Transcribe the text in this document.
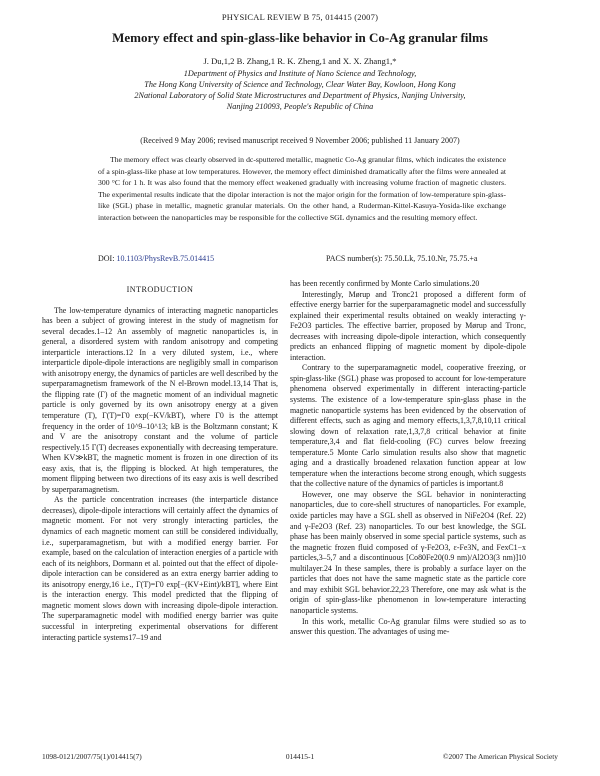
PHYSICAL REVIEW B 75, 014415 (2007)
Memory effect and spin-glass-like behavior in Co-Ag granular films
J. Du,1,2 B. Zhang,1 R. K. Zheng,1 and X. X. Zhang1,*
1Department of Physics and Institute of Nano Science and Technology,
The Hong Kong University of Science and Technology, Clear Water Bay, Kowloon, Hong Kong
2National Laboratory of Solid State Microstructures and Department of Physics, Nanjing University,
Nanjing 210093, People's Republic of China
(Received 9 May 2006; revised manuscript received 9 November 2006; published 11 January 2007)
The memory effect was clearly observed in dc-sputtered metallic, magnetic Co-Ag granular films, which indicates the existence of a spin-glass-like phase at low temperatures. However, the memory effect diminished dramatically after the films were annealed at 300 °C for 1 h. It was also found that the memory effect weakened gradually with increasing volume fraction of magnetic clusters. The experimental results indicate that the dipolar interaction is not the major origin for the formation of low-temperature spin-glass-like (SGL) phase in metallic, magnetic granular materials. On the other hand, a Ruderman-Kittel-Kasuya-Yosida-like exchange interaction between the nanoparticles may be responsible for the collective SGL dynamics and the resulting memory effect.
DOI: 10.1103/PhysRevB.75.014415	PACS number(s): 75.50.Lk, 75.10.Nr, 75.75.+a
INTRODUCTION

The low-temperature dynamics of interacting magnetic nanoparticles has been a subject of growing interest in the study of magnetism for several decades.1–12 An assembly of magnetic nanoparticles is, in general, a disordered system with random anisotropy and competing interparticle interactions.12 In a very diluted system, i.e., where interparticle dipole-dipole interactions are negligibly small in comparison with anisotropy energy, the dynamics of particles are well described by the superparamagnetism framework of the N el-Brown model.13,14 That is, the flipping rate (Γ) of the magnetic moment of an individual magnetic particle is only governed by its own anisotropy energy at a given temperature (T), Γ(T)=Γ0 exp(−KV/kBT), where Γ0 is the attempt frequency in the order of 10^9–10^13; kB is the Boltzmann constant; K and V are the anisotropy constant and the volume of particle respectively.15 Γ(T) decreases exponentially with decreasing temperature. When KV≫kBT, the magnetic moment is frozen in one direction of its easy axis, that is, the flipping is blocked. At high temperatures, the moment flipping between two directions of its easy axis is well described by superparamagnetism.

As the particle concentration increases (the interparticle distance decreases), dipole-dipole interactions will certainly affect the dynamics of magnetic moment. For not very strongly interacting particles, the dynamics of each magnetic moment can still be considered individually, i.e., superparamagnetism, but with a modified energy barrier. For example, based on the calculation of interaction energies of a particle with each of its neighbors, Dormann et al. pointed out that the effect of dipole-dipole interaction can be considered as an extra energy barrier adding to its anisotropy energy,16 i.e., Γ(T)=Γ0 exp[−(KV+Eint)/kBT], where Eint is the interaction energy. This model predicted that the flipping of magnetic moment slows down with increasing dipole-dipole interaction. The superparamagnetic model with modified energy barrier was quite successful in interpreting experimental observations for different interacting particle systems17–19 and

has been recently confirmed by Monte Carlo simulations.20

Interestingly, Mørup and Tronc21 proposed a different form of effective energy barrier for the superparamagnetic model and successfully explained their experimental results obtained on weakly interacting γ-Fe2O3 particles. The effective barrier, proposed by Mørup and Tronc, decreases with increasing dipole-dipole interaction, which consequently predicts an enhanced flipping of magnetic moment by dipole-dipole interaction.

Contrary to the superparamagnetic model, cooperative freezing, or spin-glass-like (SGL) phase was proposed to account for low-temperature phenomena observed experimentally in different interacting-particle systems. The existence of a low-temperature spin-glass phase in the magnetic nanoparticle systems has been evidenced by the observation of different effects, such as aging and memory effects,1,3,7,8,10,11 critical slowing down of relaxation rate,1,3,7,8 critical behavior at finite temperature,3,4 and flat field-cooling (FC) curves below freezing temperature.5 Monte Carlo simulation results also show that magnetic aging and a drastically broadened relaxation function appear at low temperature when the interactions become strong enough, which suggests that the collective nature of the dynamics of particles is important.8

However, one may observe the SGL behavior in noninteracting nanoparticles, due to core-shell structures of nanoparticles. For example, oxide particles may have a SGL shell as observed in NiFe2O4 (Ref. 22) and γ-Fe2O3 (Ref. 23) nanoparticles. To our best knowledge, the SGL phase has been mainly observed in some special particle systems, such as the magnetic frozen fluid composed of γ-Fe2O3, ε-Fe3N, and FexC1−x particles,3–5,7 and a discontinuous [Co80Fe20(0.9 nm)/Al2O3(3 nm)]10 multilayer.24 In these samples, there is probably a surface layer on the particles that does not have the same magnetic state as the particle core and may exhibit SGL behavior.22,23 Therefore, one may ask what is the origin of spin-glass-like phenomenon in low-temperature interacting nanoparticle systems.

In this work, metallic Co-Ag granular films were studied so as to answer this question. The advantages of using me-

1098-0121/2007/75(1)/014415(7)	014415-1	©2007 The American Physical Society
